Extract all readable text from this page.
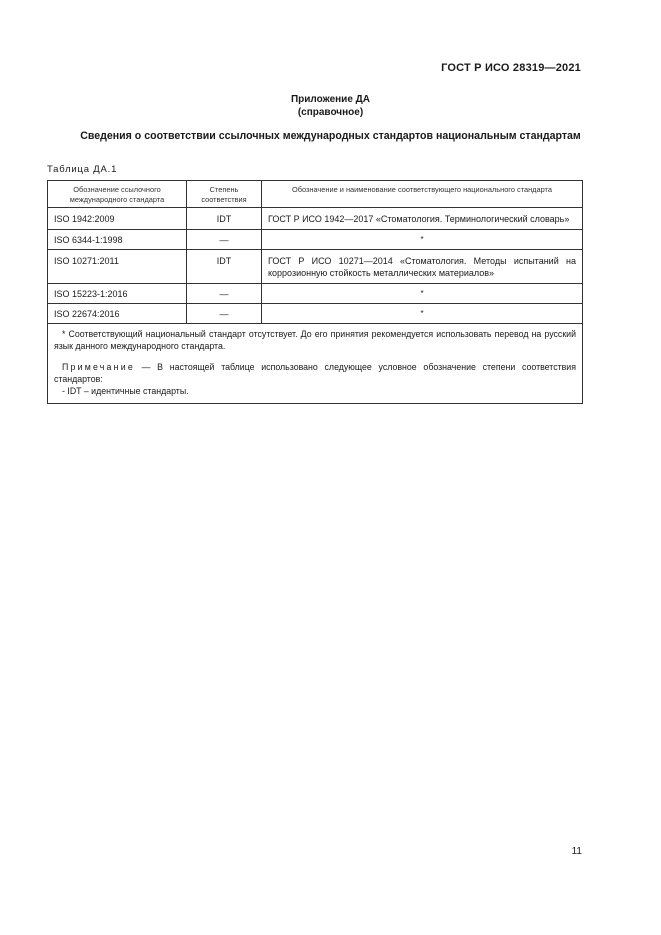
ГОСТ Р ИСО 28319—2021
Приложение ДА
(справочное)
Сведения о соответствии ссылочных международных стандартов национальным стандартам
Таблица ДА.1
Обозначение ссылочного международного стандарта	Степень соответствия	Обозначение и наименование соответствующего национального стандарта
ISO 1942:2009	IDT	ГОСТ Р ИСО 1942—2017 «Стоматология. Терминологический словарь»
ISO 6344-1:1998	—	*
ISO 10271:2011	IDT	ГОСТ Р ИСО 10271—2014 «Стоматология. Методы испытаний на коррозионную стойкость металлических материалов»
ISO 15223-1:2016	—	*
ISO 22674:2016	—	*

* Соответствующий национальный стандарт отсутствует. До его принятия рекомендуется использовать перевод на русский язык данного международного стандарта.
Примечание — В настоящей таблице использовано следующее условное обозначение степени соответствия стандартов:
- IDT – идентичные стандарты.		
11
